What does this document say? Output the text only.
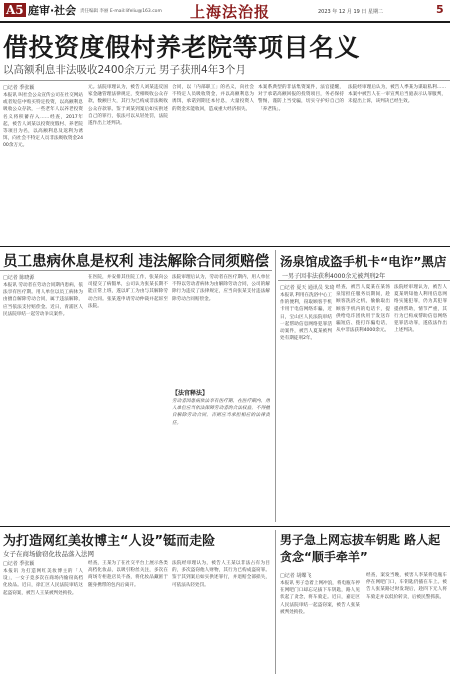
A5 庭审·社会 责任编辑 李丽 E-mail:lifeliu@163.com 上海法治报	2023 年 12 月 19 日 星期二	5
借投资度假村养老院等项目名义
以高额利息非法吸收2400余万元 男子获刑4年3个月
□记者 季张颖
本报讯 叫社会公众宣传公司在社交网站或者短信中购买特定投资，以高额利息吸收公众存款，一些老年人以养老投资名义将积蓄存入……经查，2017年起，被告人刘某以投资度假村、养老院等项目为名，以高额利息及返利为诱饵，向社会不特定人员非法吸收资金2400余万元。
元。法院审理认为，被告人刘某违反国家金融管理法律规定，变相吸收公众存款，数额巨大，其行为已构成非法吸收公众存款罪。鉴于刘某到案后如实供述自己的罪行，依法可以从轻处罚，法院遂作出上述判决。
合同，以「内部职工」的名义，向社会不特定人员吸收资金，并以高额利息为诱饵，承诺到期还本付息，大量投资人的资金未能收回，造成重大经济损失。
本案系典型的非法集资案件，法官提醒，对于承诺高额回报的投资项目，务必保持警惕，谨防上当受骗，切实守护好自己的「养老钱」。
法院经审理后认为，被告人季某为谋取私利……本案中被告人在一审宣判后当庭表示认罪服判，未提出上诉，该判决已经生效。
员工患病休息是权利 违法解除合同须赔偿
□记者 陈晓源
本报讯 劳动者在劳动合同期内患病，依法享有医疗期。用人单位以员工病休为由擅自解除劳动合同，属于违法解除，应当依法支付赔偿金。近日，青浦区人民法院审结一起劳动争议案件。
在医院，并安排其住院工作，张某向公司提交了病假单，公司认为张某长期不能正常上班，遂以旷工为由与其解除劳动合同。张某遂申请劳动仲裁并起诉至法院。
法院审理后认为，劳动者在医疗期内，用人单位不得以劳动者病休为由解除劳动合同，公司的解除行为违反了法律规定，应当向张某支付违法解除劳动合同赔偿金。
【法官释法】
劳动者因患病依法享有医疗期，在医疗期内，用人单位应当依法保障劳动者的合法权益，不得擅自解除劳动合同，否则应当承担相应的法律责任。
汤泉馆成盗手机卡“电诈”黑店
一男子因非法获利4000余元被判刑2年
□记者 夏天 通讯员 朱琦
本报讯 利用在洗浴中心工作的便利，窃取顾客手机卡用于电信网络诈骗，近日，宝山区人民法院审结一起帮助信息网络犯罪活动案件，被告人夏某被判处有期徒刑2年。
经查，被告人夏某在某汤泉馆担任服务员期间，趁顾客洗浴之机，偷偷取出顾客手机内的电话卡，提供给电诈团伙用于发送诈骗短信、拨打诈骗电话，从中非法获利4000余元。
法院经审理认为，被告人夏某明知他人利用信息网络实施犯罪，仍为其犯罪提供帮助，情节严重，其行为已构成帮助信息网络犯罪活动罪，遂依法作出上述判决。
为打造网红美妆博主“人设”铤而走险
女子在商场偷窃化妆品落入法网
□记者 季张颖
本报讯 为打造网红美妆博主的「人设」，一女子竟多次在商场内偷窃高档化妆品。近日，徐汇区人民法院审结这起盗窃案，被告人王某被判处拘役。
经查，王某为了在社交平台上展示各类高档化妆品，以吸引粉丝关注，多次在商场专柜趁店员不备，将化妆品藏匿于随身携带的包内后离开。
法院经审理认为，被告人王某以非法占有为目的，多次盗窃他人财物，其行为已构成盗窃罪。鉴于其到案后如实供述罪行，并退赔全部损失，可依法从轻处罚。
男子急上网忘拔车钥匙 路人起贪念“顺手牵羊”
□记者 胡蝶飞
本报讯 男子急着上网冲浪，将电瓶车停在网吧门口却忘记拔下车钥匙，路人见状起了贪念，将车骑走。近日，嘉定区人民法院审结一起盗窃案，被告人张某被判处拘役。
经查，案发当晚，被害人李某将电瓶车停在网吧门口，车钥匙仍插在车上。被告人张某路过时发现后，趁四下无人将车骑走并以低价转卖，后被民警抓获。
